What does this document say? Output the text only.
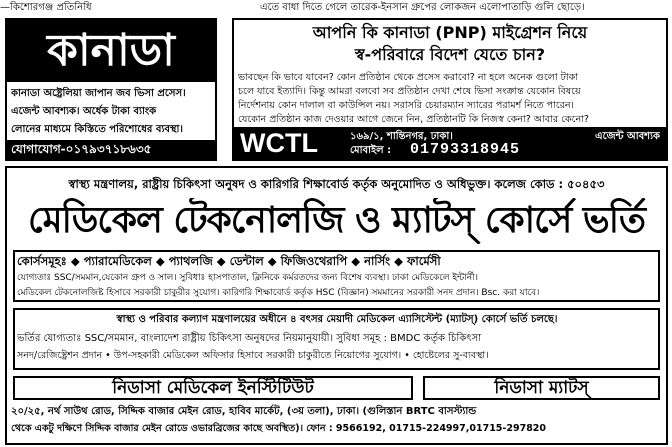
—কিশোরগঞ্জ প্রতিনিধি	এতে বাধা দিতে গেলে তারেক-ইনসান গ্রুপের লোকজন এলোপাতাড়ি গুলি ছোড়ে।
কানাডা
কানাডা অষ্ট্রেলিয়া জাপান জব ভিসা প্রসেস।
এজেন্ট আবশ্যক। অর্ধেক টাকা ব্যাংক
লোনের মাধ্যমে কিস্তিতে পরিশোধের ব্যবস্থা।
যোগাযোগ-০১৭৯৩৭১৮৬৩৫
আপনি কি কানাডা (PNP) মাইগ্রেশন নিয়ে
স্ব-পরিবারে বিদেশ যেতে চান?
ভাবছেন কি ভাবে যাবেন? কোন প্রতিষ্ঠান থেকে প্রসেস করাবো? না হলে অনেক গুলো টাকা
চলে যাবে ইত্যাদি। কিন্তু আমরা বলবো সব প্রতিষ্ঠান দেখা শেষে ভিসা সংক্রান্ত যেকোন বিষয়ে
নির্দেশনায় কোন দালাল বা কাউন্সিল নয়। সরাসরি চেয়ারম্যান স্যারের পরামর্শ নিতে পারেন।
যেকোন প্রতিষ্ঠান কাজ দেওয়ার আগে জেনে নিন, প্রতিষ্ঠানটি কি নিজস্ব কেনা? আবার কেনো?
WCTL	১৬৯/১, শান্তিনগর, ঢাকা।	এজেন্ট আবশ্যক
মোবাইল :	01793318945
স্বাস্থ্য মন্ত্রণালয়, রাষ্ট্রীয় চিকিৎসা অনুষদ ও কারিগরি শিক্ষাবোর্ড কর্তৃক অনুমোদিত ও অধিভুক্ত। কলেজ কোড : ৫০৪৫৩
মেডিকেল টেকনোলজি ও ম্যাটস্ কোর্সে ভর্তি
কোর্সসমূহঃ ◆ প্যারামেডিকেল ◆ প্যাথলজি ◆ ডেন্টাল ◆ ফিজিওথেরাপি ◆ নার্সিং ◆ ফার্মেসী
যোগ্যতাঃ SSC/সমমান,যেকোন গ্রুপ ও সাল। সুবিধাঃ হাসপাতাল, ক্লিনিকে কর্মরতদের জন্য বিশেষ ব্যবস্থা। ঢাকা মেডিকেলে ইন্টার্নী।
মেডিকেল টেকনোলজিষ্ট হিসাবে সরকারী চাকুরীর সুযোগ। কারিগরি শিক্ষাবোর্ড কর্তৃক HSC (বিজ্ঞান) সমমানের সরকারী সনদ প্রদান। Bsc. করা যাবে।
স্বাস্থ্য ও পরিবার কল্যাণ মন্ত্রণালয়ের অধীনে ৪ বৎসর মেয়াদী মেডিকেল এ্যাসিস্টেন্ট (ম্যাটস্) কোর্সে ভর্তি চলছে।
ভর্তির যোগ্যতাঃ SSC/সমমান, বাংলাদেশ রাষ্ট্রীয় চিকিৎসা অনুষদের নিয়মানুযায়ী। সুবিধা সমূহ : BMDC কর্তৃক চিকিৎসা
সনদ/রেজিষ্ট্রেশন প্রদান • উপ-সহকারী মেডিকেল অফিসার হিসাবে সরকারী চাকুরীতে নিয়োগের সুযোগ। • হোষ্টেলের সু-ব্যবস্থা।
নিডাসা মেডিকেল ইনস্টিটিউট	নিডাসা ম্যাটস্
২০/২৫, নর্থ সাউথ রোড, সিদ্দিক বাজার মেইন রোড, হাবিব মার্কেট, (৩য় তলা), ঢাকা। (গুলিস্তান BRTC বাসস্ট্যান্ড
থেকে একটু দক্ষিণে সিদ্দিক বাজার মেইন রোডে ওভারব্রিজের কাছে অবস্থিত)। ফোন : 9566192, 01715-224997,01715-297820
